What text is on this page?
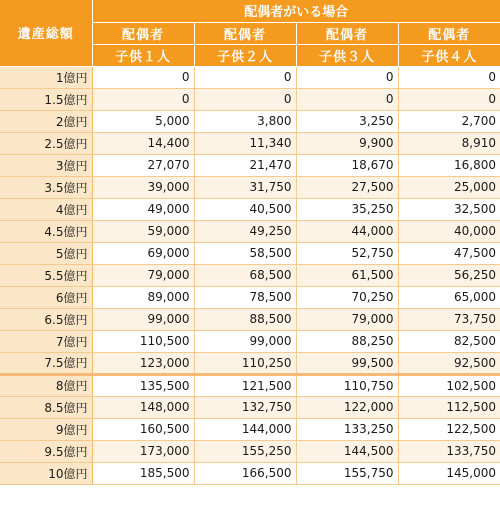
遺産総額	配偶者がいる場合			
	配偶者	配偶者	配偶者	配偶者
	子供１人	子供２人	子供３人	子供４人
1億円	0	0	0	0
1.5億円	0	0	0	0
2億円	5,000	3,800	3,250	2,700
2.5億円	14,400	11,340	9,900	8,910
3億円	27,070	21,470	18,670	16,800
3.5億円	39,000	31,750	27,500	25,000
4億円	49,000	40,500	35,250	32,500
4.5億円	59,000	49,250	44,000	40,000
5億円	69,000	58,500	52,750	47,500
5.5億円	79,000	68,500	61,500	56,250
6億円	89,000	78,500	70,250	65,000
6.5億円	99,000	88,500	79,000	73,750
7億円	110,500	99,000	88,250	82,500
7.5億円	123,000	110,250	99,500	92,500
8億円	135,500	121,500	110,750	102,500
8.5億円	148,000	132,750	122,000	112,500
9億円	160,500	144,000	133,250	122,500
9.5億円	173,000	155,250	144,500	133,750
10億円	185,500	166,500	155,750	145,000
